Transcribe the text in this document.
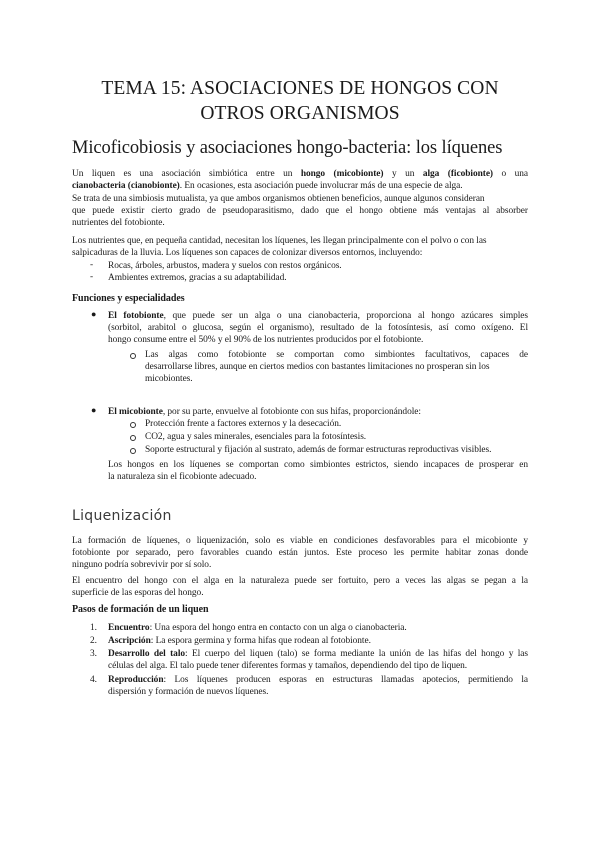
TEMA 15: ASOCIACIONES DE HONGOS CON
OTROS ORGANISMOS
Micoficobiosis y asociaciones hongo-bacteria: los líquenes

Un liquen es una asociación simbiótica entre un hongo (micobionte) y un alga (ficobionte) o una

cianobacteria (cianobionte). En ocasiones, esta asociación puede involucrar más de una especie de alga.

Se trata de una simbiosis mutualista, ya que ambos organismos obtienen beneficios, aunque algunos consideran

que puede existir cierto grado de pseudoparasitismo, dado que el hongo obtiene más ventajas al absorber

nutrientes del fotobionte.

Los nutrientes que, en pequeña cantidad, necesitan los líquenes, les llegan principalmente con el polvo o con las

salpicaduras de la lluvia. Los líquenes son capaces de colonizar diversos entornos, incluyendo:

- Rocas, árboles, arbustos, madera y suelos con restos orgánicos.

- Ambientes extremos, gracias a su adaptabilidad.

Funciones y especialidades

● El fotobionte, que puede ser un alga o una cianobacteria, proporciona al hongo azúcares simples

(sorbitol, arabitol o glucosa, según el organismo), resultado de la fotosíntesis, así como oxígeno. El

hongo consume entre el 50% y el 90% de los nutrientes producidos por el fotobionte.

Las algas como fotobionte se comportan como simbiontes facultativos, capaces de

desarrollarse libres, aunque en ciertos medios con bastantes limitaciones no prosperan sin los

micobiontes.

● El micobionte, por su parte, envuelve al fotobionte con sus hifas, proporcionándole:

Protección frente a factores externos y la desecación.

CO2, agua y sales minerales, esenciales para la fotosíntesis.

Soporte estructural y fijación al sustrato, además de formar estructuras reproductivas visibles.

Los hongos en los líquenes se comportan como simbiontes estrictos, siendo incapaces de prosperar en

la naturaleza sin el ficobionte adecuado.

Liquenización

La formación de líquenes, o liquenización, solo es viable en condiciones desfavorables para el micobionte y

fotobionte por separado, pero favorables cuando están juntos. Este proceso les permite habitar zonas donde

ninguno podría sobrevivir por sí solo.

El encuentro del hongo con el alga en la naturaleza puede ser fortuito, pero a veces las algas se pegan a la

superficie de las esporas del hongo.

Pasos de formación de un liquen

1. Encuentro: Una espora del hongo entra en contacto con un alga o cianobacteria.

2. Ascripción: La espora germina y forma hifas que rodean al fotobionte.

3. Desarrollo del talo: El cuerpo del liquen (talo) se forma mediante la unión de las hifas del hongo y las

células del alga. El talo puede tener diferentes formas y tamaños, dependiendo del tipo de liquen.

4. Reproducción: Los líquenes producen esporas en estructuras llamadas apotecios, permitiendo la

dispersión y formación de nuevos líquenes.
